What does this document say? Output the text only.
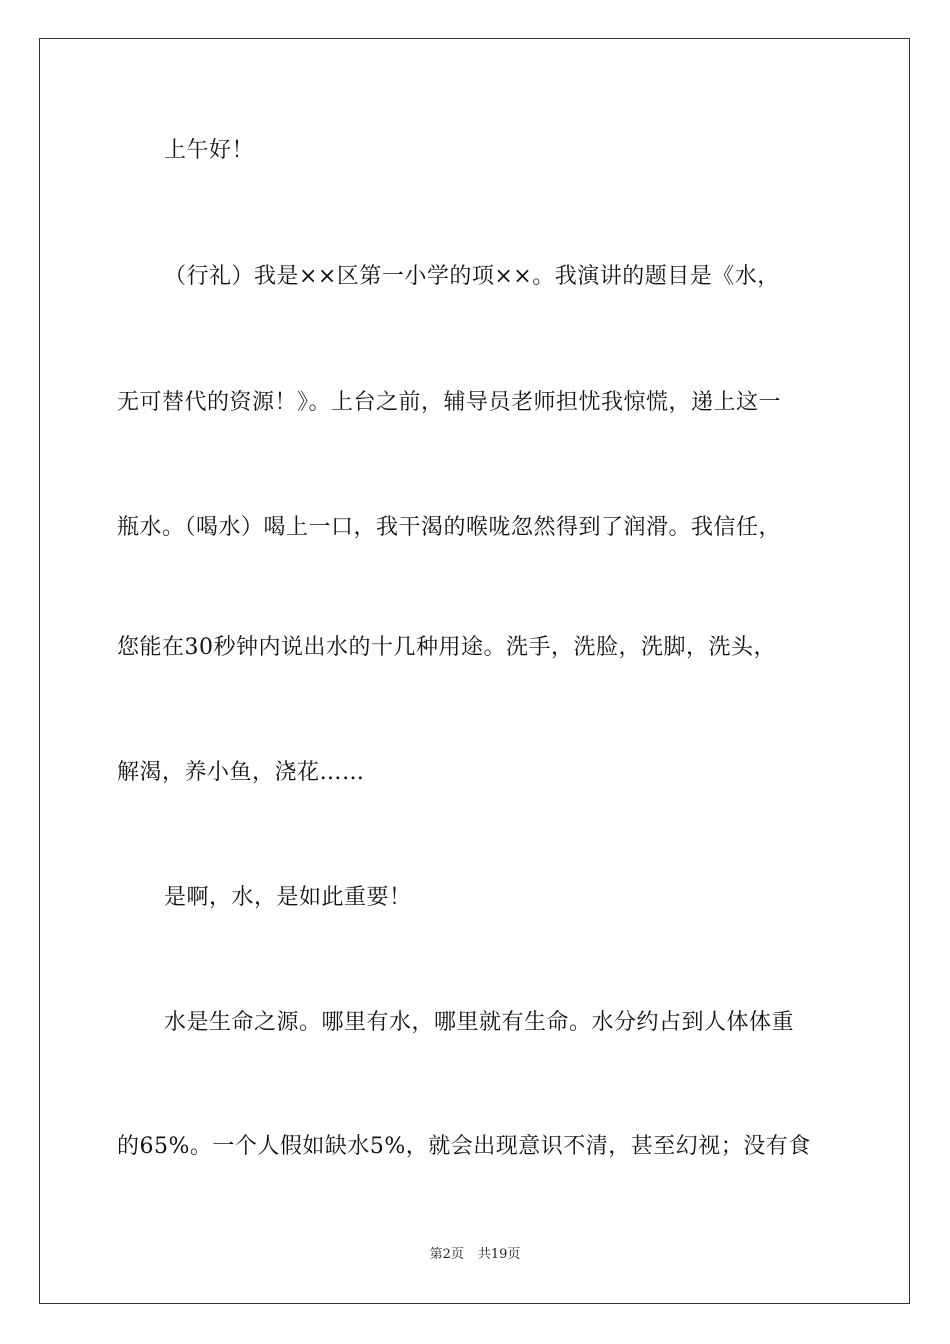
上午好！
（行礼）我是××区第一小学的项××。我演讲的题目是《水，
无可替代的资源！》。上台之前，辅导员老师担忧我惊慌，递上这一
瓶水。（喝水）喝上一口，我干渴的喉咙忽然得到了润滑。我信任，
您能在30秒钟内说出水的十几种用途。洗手，洗脸，洗脚，洗头，
解渴，养小鱼，浇花……
是啊，水，是如此重要！
水是生命之源。哪里有水，哪里就有生命。水分约占到人体体重
的65%。一个人假如缺水5%，就会出现意识不清，甚至幻视；没有食
第2页 共19页
